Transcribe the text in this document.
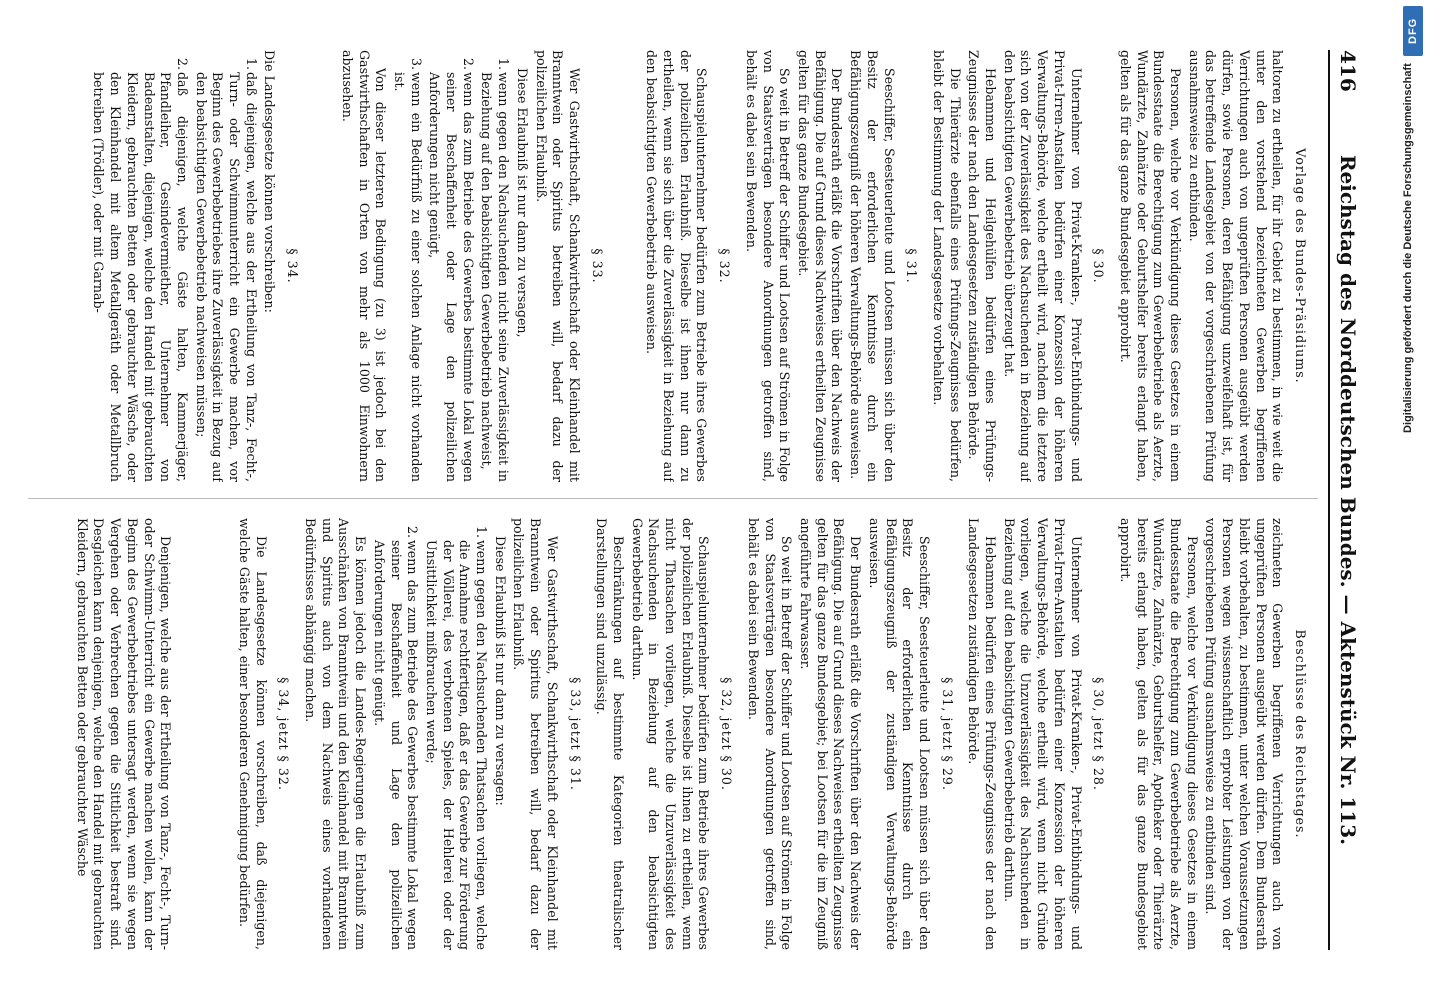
416
Reichstag des Norddeutschen Bundes. — Aktenstück Nr. 113.

Vorlage des Bundes-Präsidiums.

haltoren zu ertheilen, für ihr Gebiet zu bestimmen, in wie weit die unter den vorstehend bezeichneten Gewerben begriffenen Verrichtungen auch von ungeprüften Personen ausgeübt werden dürfen, sowie Personen, deren Befähigung unzweifelhaft ist, für das betreffende Landesgebiet von der vorgeschriebenen Prüfung ausnahmsweise zu entbinden.

Personen, welche vor Verkündigung dieses Gesetzes in einem Bundesstaate die Berechtigung zum Gewerbebetriebe als Aerzte, Wundärzte, Zahnärzte oder Geburtshelfer bereits erlangt haben, gelten als für das ganze Bundesgebiet approbirt.

§ 30.

Unternehmer von Privat-Kranken-, Privat-Entbindungs- und Privat-Irren-Anstalten bedürfen einer Konzession der höheren Verwaltungs-Behörde, welche ertheilt wird, nachdem die letztere sich von der Zuverlässigkeit des Nachsuchenden in Beziehung auf den beabsichtigten Gewerbebetrieb überzeugt hat.

Hebammen und Heilgehülfen bedürfen eines Prüfungs-Zeugnisses der nach den Landesgesetzen zuständigen Behörde.

Die Thierärzte ebenfalls eines Prüfungs-Zeugnisses bedürfen, bleibt der Bestimmung der Landesgesetze vorbehalten.

§ 31.

Seeschiffer, Seesteuerleute und Lootsen müssen sich über den Besitz der erforderlichen Kenntnisse durch ein Befähigungszeugniß der höheren Verwaltungs-Behörde ausweisen.

Der Bundesrath erläßt die Vorschriften über den Nachweis der Befähigung. Die auf Grund dieses Nachweises ertheilten Zeugnisse gelten für das ganze Bundesgebiet.

So weit in Betreff der Schiffer und Lootsen auf Strömen in Folge von Staatsverträgen besondere Anordnungen getroffen sind, behält es dabei sein Bewenden.

§ 32.

Schauspielunternehmer bedürfen zum Betriebe ihres Gewerbes der polizeilichen Erlaubniß. Dieselbe ist ihnen nur dann zu ertheilen, wenn sie sich über die Zuverlässigkeit in Beziehung auf den beabsichtigten Gewerbebetrieb ausweisen.

§ 33.

Wer Gastwirthschaft, Schankwirthschaft oder Kleinhandel mit Branntwein oder Spiritus betreiben will, bedarf dazu der polizeilichen Erlaubniß.

Diese Erlaubniß ist nur dann zu versagen,

1.wenn gegen den Nachsuchenden nicht seine Zuverlässigkeit in Beziehung auf den beabsichtigten Gewerbebetrieb nachweist,
2.wenn das zum Betriebe des Gewerbes bestimmte Lokal wegen seiner Beschaffenheit oder Lage den polizeilichen Anforderungen nicht genügt,
3.wenn ein Bedürfniß zu einer solchen Anlage nicht vorhanden ist.

Von dieser letzteren Bedingung (zu 3) ist jedoch bei den Gastwirthschaften in Orten von mehr als 1000 Einwohnern abzusehen.

§ 34.

Die Landesgesetze können vorschreiben:

1.daß diejenigen, welche aus der Ertheilung von Tanz-, Fecht-, Turn- oder Schwimmunterricht ein Gewerbe machen, vor Beginn des Gewerbebetriebes ihre Zuverlässigkeit in Bezug auf den beabsichtigten Gewerbebetrieb nachweisen müssen;
2.daß diejenigen, welche Gäste halten, Kammerjäger, Pfandleiher, Gesindevermiether, Unternehmer von Badeanstalten, diejenigen, welche den Handel mit gebrauchten Kleidern, gebrauchten Betten oder gebrauchter Wäsche, oder den Kleinhandel mit altem Metallgeräth oder Metallbruch betreiben (Trödler), oder mit Garnab-

Beschlüsse des Reichstages.

zeichneten Gewerben begriffenen Verrichtungen auch von ungeprüften Personen ausgeübt werden dürfen. Dem Bundesrath bleibt vorbehalten, zu bestimmen, unter welchen Voraussetzungen Personen wegen wissenschaftlich erprobter Leistungen von der vorgeschriebenen Prüfung ausnahmsweise zu entbinden sind.

Personen, welche vor Verkündigung dieses Gesetzes in einem Bundesstaate die Berechtigung zum Gewerbebetriebe als Aerzte, Wundärzte, Zahnärzte, Geburtshelfer, Apotheker oder Thierärzte bereits erlangt haben, gelten als für das ganze Bundesgebiet approbirt.

§ 30, jetzt § 28.

Unternehmer von Privat-Kranken-, Privat-Entbindungs- und Privat-Irren-Anstalten bedürfen einer Konzession der höheren Verwaltungs-Behörde, welche ertheilt wird, wenn nicht Gründe vorliegen, welche die Unzuverlässigkeit des Nachsuchenden in Beziehung auf den beabsichtigten Gewerbebetrieb darthun.

Hebammen bedürfen eines Prüfungs-Zeugnisses der nach den Landesgesetzen zuständigen Behörde.

§ 31, jetzt § 29.

Seeschiffer, Seesteuerleute und Lootsen müssen sich über den Besitz der erforderlichen Kenntnisse durch ein Befähigungszeugniß der zuständigen Verwaltungs-Behörde ausweisen.

Der Bundesrath erläßt die Vorschriften über den Nachweis der Befähigung. Die auf Grund dieses Nachweises ertheilten Zeugnisse gelten für das ganze Bundesgebiet; bei Lootsen für die im Zeugniß angeführte Fahrwasser.

So weit in Betreff der Schiffer und Lootsen auf Strömen in Folge von Staatsverträgen besondere Anordnungen getroffen sind, behält es dabei sein Bewenden.

§ 32, jetzt § 30.

Schauspielunternehmer bedürfen zum Betriebe ihres Gewerbes der polizeilichen Erlaubniß. Dieselbe ist ihnen zu ertheilen, wenn nicht Thatsachen vorliegen, welche die Unzuverlässigkeit des Nachsuchenden in Beziehung auf den beabsichtigten Gewerbebetrieb darthun.

Beschränkungen auf bestimmte Kategorien theatralischer Darstellungen sind unzulässig.

§ 33, jetzt § 31.

Wer Gastwirthschaft, Schankwirthschaft oder Kleinhandel mit Branntwein oder Spiritus betreiben will, bedarf dazu der polizeilichen Erlaubniß.

Diese Erlaubniß ist nur dann zu versagen:

1.wenn gegen den Nachsuchenden Thatsachen vorliegen, welche die Annahme rechtfertigen, daß er das Gewerbe zur Förderung der Völlerei, des verbotenen Spieles, der Hehlerei oder der Unsittlichkeit mißbrauchen werde;
2.wenn das zum Betriebe des Gewerbes bestimmte Lokal wegen seiner Beschaffenheit und Lage den polizeilichen Anforderungen nicht genügt.

Es können jedoch die Landes-Regierungen die Erlaubniß zum Ausschänken von Branntwein und den Kleinhandel mit Branntwein und Spiritus auch von dem Nachweis eines vorhandenen Bedürfnisses abhängig machen.

§ 34, jetzt § 32.

Die Landesgesetze können vorschreiben, daß diejenigen, welche Gäste halten, einer besonderen Genehmigung bedürfen.

Denjenigen, welche aus der Ertheilung von Tanz-, Fecht-, Turn- oder Schwimm-Unterricht ein Gewerbe machen wollen, kann der Beginn des Gewerbebetriebes untersagt werden, wenn sie wegen Vergehen oder Verbrechen gegen die Sittlichkeit bestraft sind. Desgleichen kann denjenigen, welche den Handel mit gebrauchten Kleidern, gebrauchten Betten oder gebrauchter Wäsche

DFG
Digitalisierung gefördert durch die Deutsche Forschungsgemeinschaft
